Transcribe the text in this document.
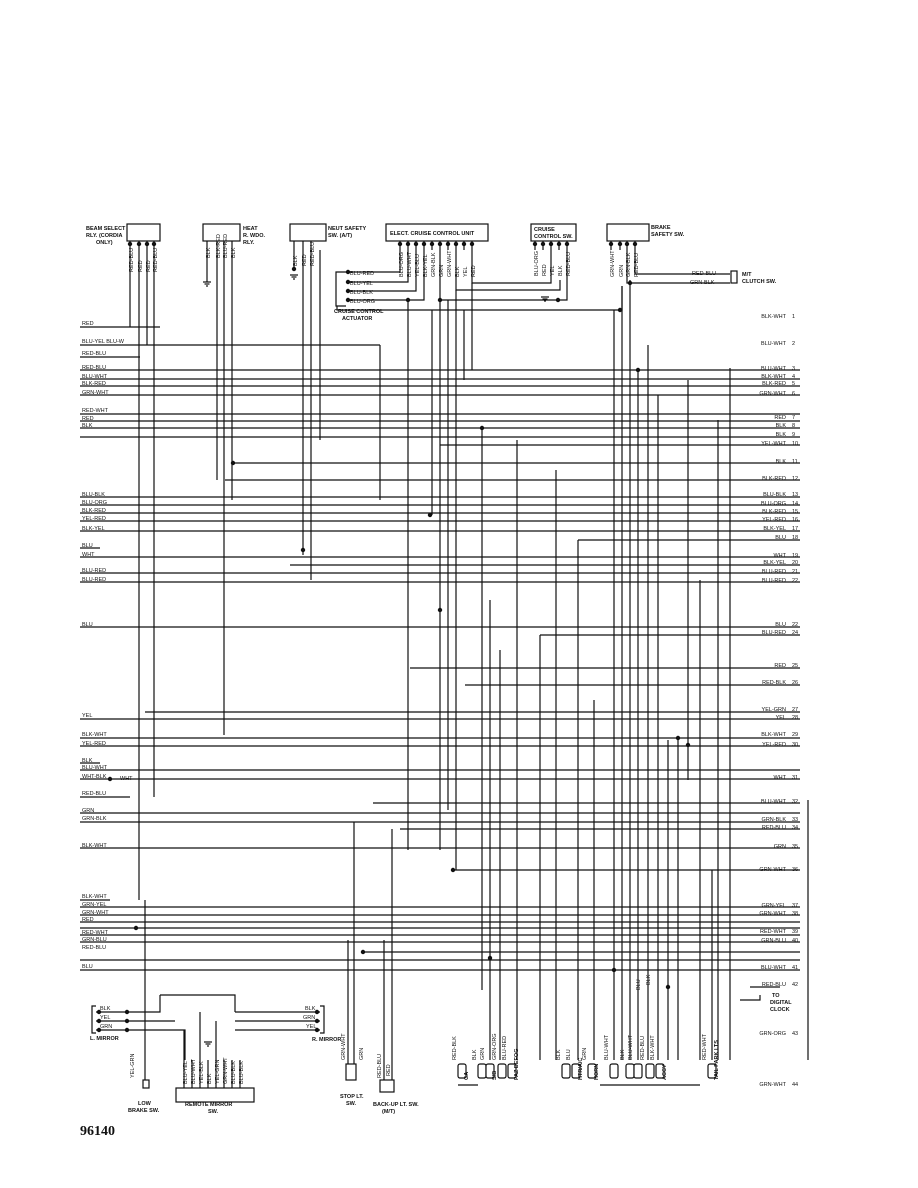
BEAM SELECT
RLY. (CORDIA
ONLY)
HEAT
R. WDO.
RLY.
NEUT SAFETY
SW. (A/T)	ELECT. CRUISE CONTROL UNIT
CRUISE
CONTROL SW.
BRAKE
SAFETY SW.
CRUISE CONTROL
ACTUATOR
M/T
CLUTCH SW.
RED-BLU
GRN-BLK
BLU-RED
BLU-YEL
BLU-BLK
BLU-ORG
RED-BLU RED RED RED-BLU	BLK BLK-RED BLU-RED BLK
BLK RED RED-BLU	BLU-ORG BLU-WHT YEL-BLU BLK-YEL GRN-BLK GRN GRN-WHT BLK YEL RED	BLU-ORG RED YEL BLK RED-BLU	GRN-WHT GRN GRN-BLK RED-BLU
BLU-YEL BLU-WHT YEL-BLK BLK YEL-GRN GRN-WHT BLU-BLK BLU-BLK
YEL-GRN
GRN-WHT GRN RED-BLU RED
RED-BLK
GA
BLK GRN
S/B
GRN-ORG BLU-RED
FAZ DEFOG	BLK BLU
HTR/A/C
GRN
HORN
BLU-WHT BLK BLU-WHT RED-BLU BLK-WHT
ACCY
RED-WHT TAIL PARK LTS
BLU BLK
RED
BLU-YEL BLU-W
RED-BLU
RED-BLU
BLU-WHT
BLK-RED
GRN-WHT
RED-WHT
RED
BLK
BLU-BLK
BLU-ORG
BLK-RED
YEL-RED
BLK-YEL
BLU
WHT
BLU-RED
BLU-RED
BLU
YEL
BLK-WHT
YEL-RED
BLK
BLU-WHT
WHT-BLK
RED-BLU
GRN
GRN-BLK
BLK-WHT
BLK-WHT
GRN-YEL
GRN-WHT
RED
RED-WHT
GRN-BLU
RED-BLU
BLU
BLK-WHT 1
BLU-WHT 2
BLU-WHT 3
BLK-WHT 4
BLK-RED 5
GRN-WHT 6
RED 7
BLK 8
BLK 9
YEL-WHT 10
BLK 11
BLK-RED 12
BLU-BLK 13
BLU-ORG 14
BLK-RED 15
YEL-RED 16
BLK-YEL 17
BLU 18
WHT 19
BLK-YEL 20
BLU-RED 21
BLU-RED 22
BLU 22
BLU-RED 24
RED 25
RED-BLK 26
YEL-GRN 27
YEL 28
BLK-WHT 29
YEL-RED 30
WHT 31
BLU-WHT 32
GRN-BLK 33
RED-BLU 34
GRN 35
GRN-WHT 36
GRN-YEL 37
GRN-WHT 38
RED-WHT 39
GRN-BLU 40
BLU-WHT 41
RED-BLU 42
GRN-ORG 43
GRN-WHT 44
WHT
L. MIRROR
BLK
YEL
GRN
R. MIRROR
BLK
GRN
YEL
REMOTE MIRROR
SW.
LOW
BRAKE SW.
STOP LT.
SW.	BACK-UP LT. SW.
(M/T)
TO
DIGITAL
CLOCK
96140
